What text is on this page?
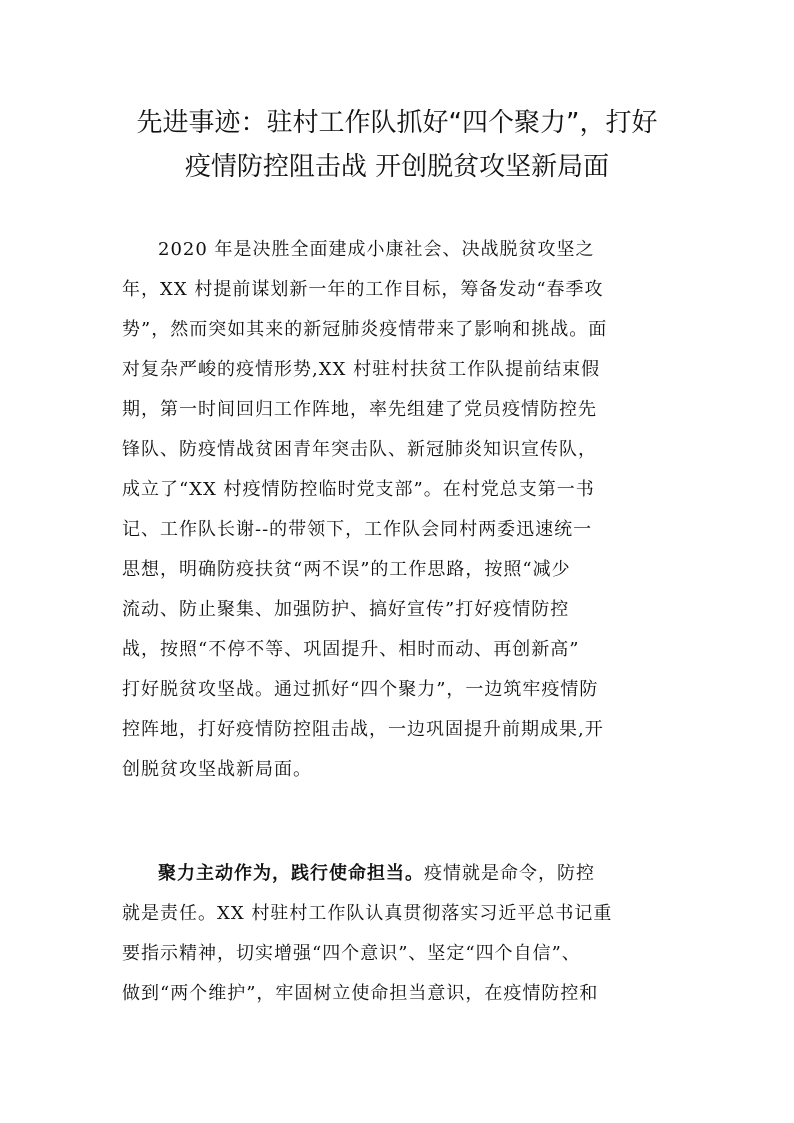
先进事迹：驻村工作队抓好“四个聚力”，打好
疫情防控阻击战 开创脱贫攻坚新局面
2020 年是决胜全面建成小康社会、决战脱贫攻坚之
年，XX 村提前谋划新一年的工作目标，筹备发动“春季攻
势”，然而突如其来的新冠肺炎疫情带来了影响和挑战。面
对复杂严峻的疫情形势,XX 村驻村扶贫工作队提前结束假
期，第一时间回归工作阵地，率先组建了党员疫情防控先
锋队、防疫情战贫困青年突击队、新冠肺炎知识宣传队，
成立了“XX 村疫情防控临时党支部”。在村党总支第一书
记、工作队长谢--的带领下，工作队会同村两委迅速统一
思想，明确防疫扶贫“两不误”的工作思路，按照“减少
流动、防止聚集、加强防护、搞好宣传”打好疫情防控
战，按照“不停不等、巩固提升、相时而动、再创新高”
打好脱贫攻坚战。通过抓好“四个聚力”，一边筑牢疫情防
控阵地，打好疫情防控阻击战，一边巩固提升前期成果,开
创脱贫攻坚战新局面。
聚力主动作为，践行使命担当。疫情就是命令，防控
就是责任。XX 村驻村工作队认真贯彻落实习近平总书记重
要指示精神，切实增强“四个意识”、坚定“四个自信”、
做到“两个维护”，牢固树立使命担当意识，在疫情防控和
